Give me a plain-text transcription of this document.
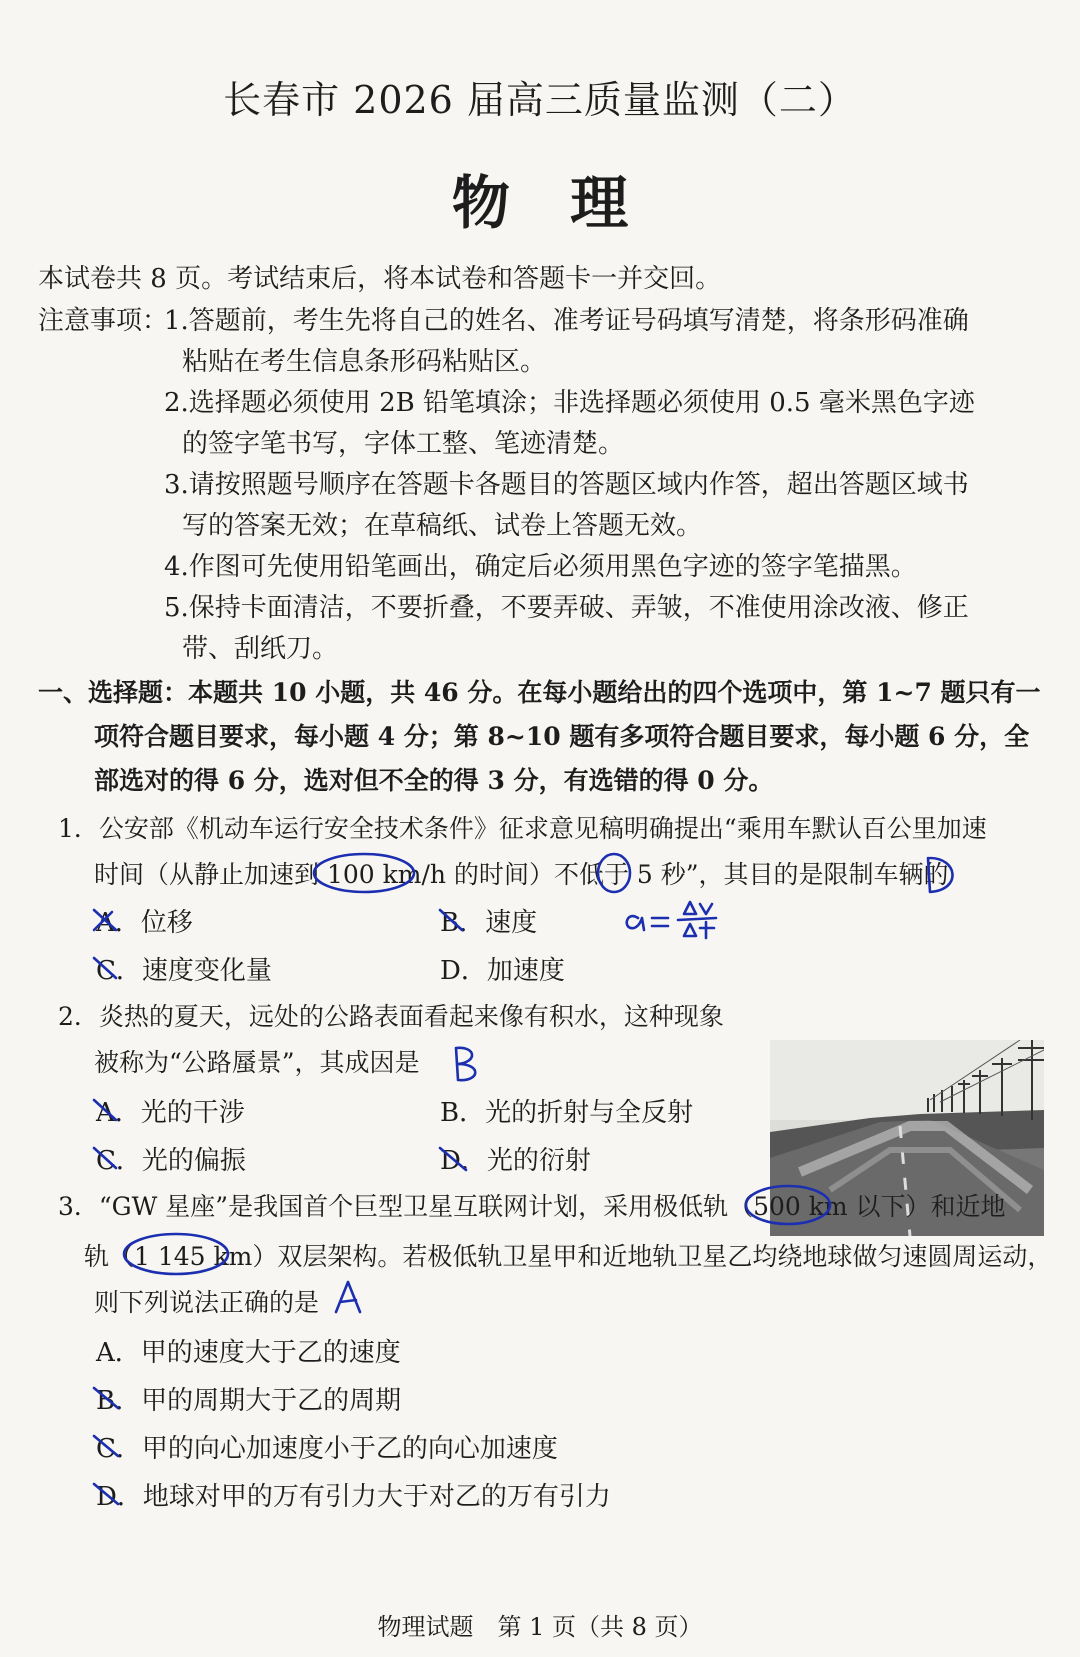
长春市 2026 届高三质量监测（二）
物 理
本试卷共 8 页。考试结束后，将本试卷和答题卡一并交回。
注意事项：
1.答题前，考生先将自己的姓名、准考证号码填写清楚，将条形码准确
粘贴在考生信息条形码粘贴区。
2.选择题必须使用 2B 铅笔填涂；非选择题必须使用 0.5 毫米黑色字迹
的签字笔书写，字体工整、笔迹清楚。
3.请按照题号顺序在答题卡各题目的答题区域内作答，超出答题区域书
写的答案无效；在草稿纸、试卷上答题无效。
4.作图可先使用铅笔画出，确定后必须用黑色字迹的签字笔描黑。
5.保持卡面清洁，不要折叠，不要弄破、弄皱，不准使用涂改液、修正
带、刮纸刀。
一、选择题：本题共 10 小题，共 46 分。在每小题给出的四个选项中，第 1~7 题只有一
项符合题目要求，每小题 4 分；第 8~10 题有多项符合题目要求，每小题 6 分，全
部选对的得 6 分，选对但不全的得 3 分，有选错的得 0 分。
1．公安部《机动车运行安全技术条件》征求意见稿明确提出“乘用车默认百公里加速
时间（从静止加速到 100 km/h 的时间）不低于 5 秒”，其目的是限制车辆的
A．位移	B．速度
C．速度变化量	D．加速度
2．炎热的夏天，远处的公路表面看起来像有积水，这种现象
被称为“公路蜃景”，其成因是
A．光的干涉	B．光的折射与全反射
C．光的偏振	D．光的衍射
3．“GW 星座”是我国首个巨型卫星互联网计划，采用极低轨（500 km 以下）和近地
轨（1 145 km）双层架构。若极低轨卫星甲和近地轨卫星乙均绕地球做匀速圆周运动，
则下列说法正确的是
A．甲的速度大于乙的速度
B．甲的周期大于乙的周期
C．甲的向心加速度小于乙的向心加速度
D．地球对甲的万有引力大于对乙的万有引力
物理试题　第 1 页（共 8 页）
